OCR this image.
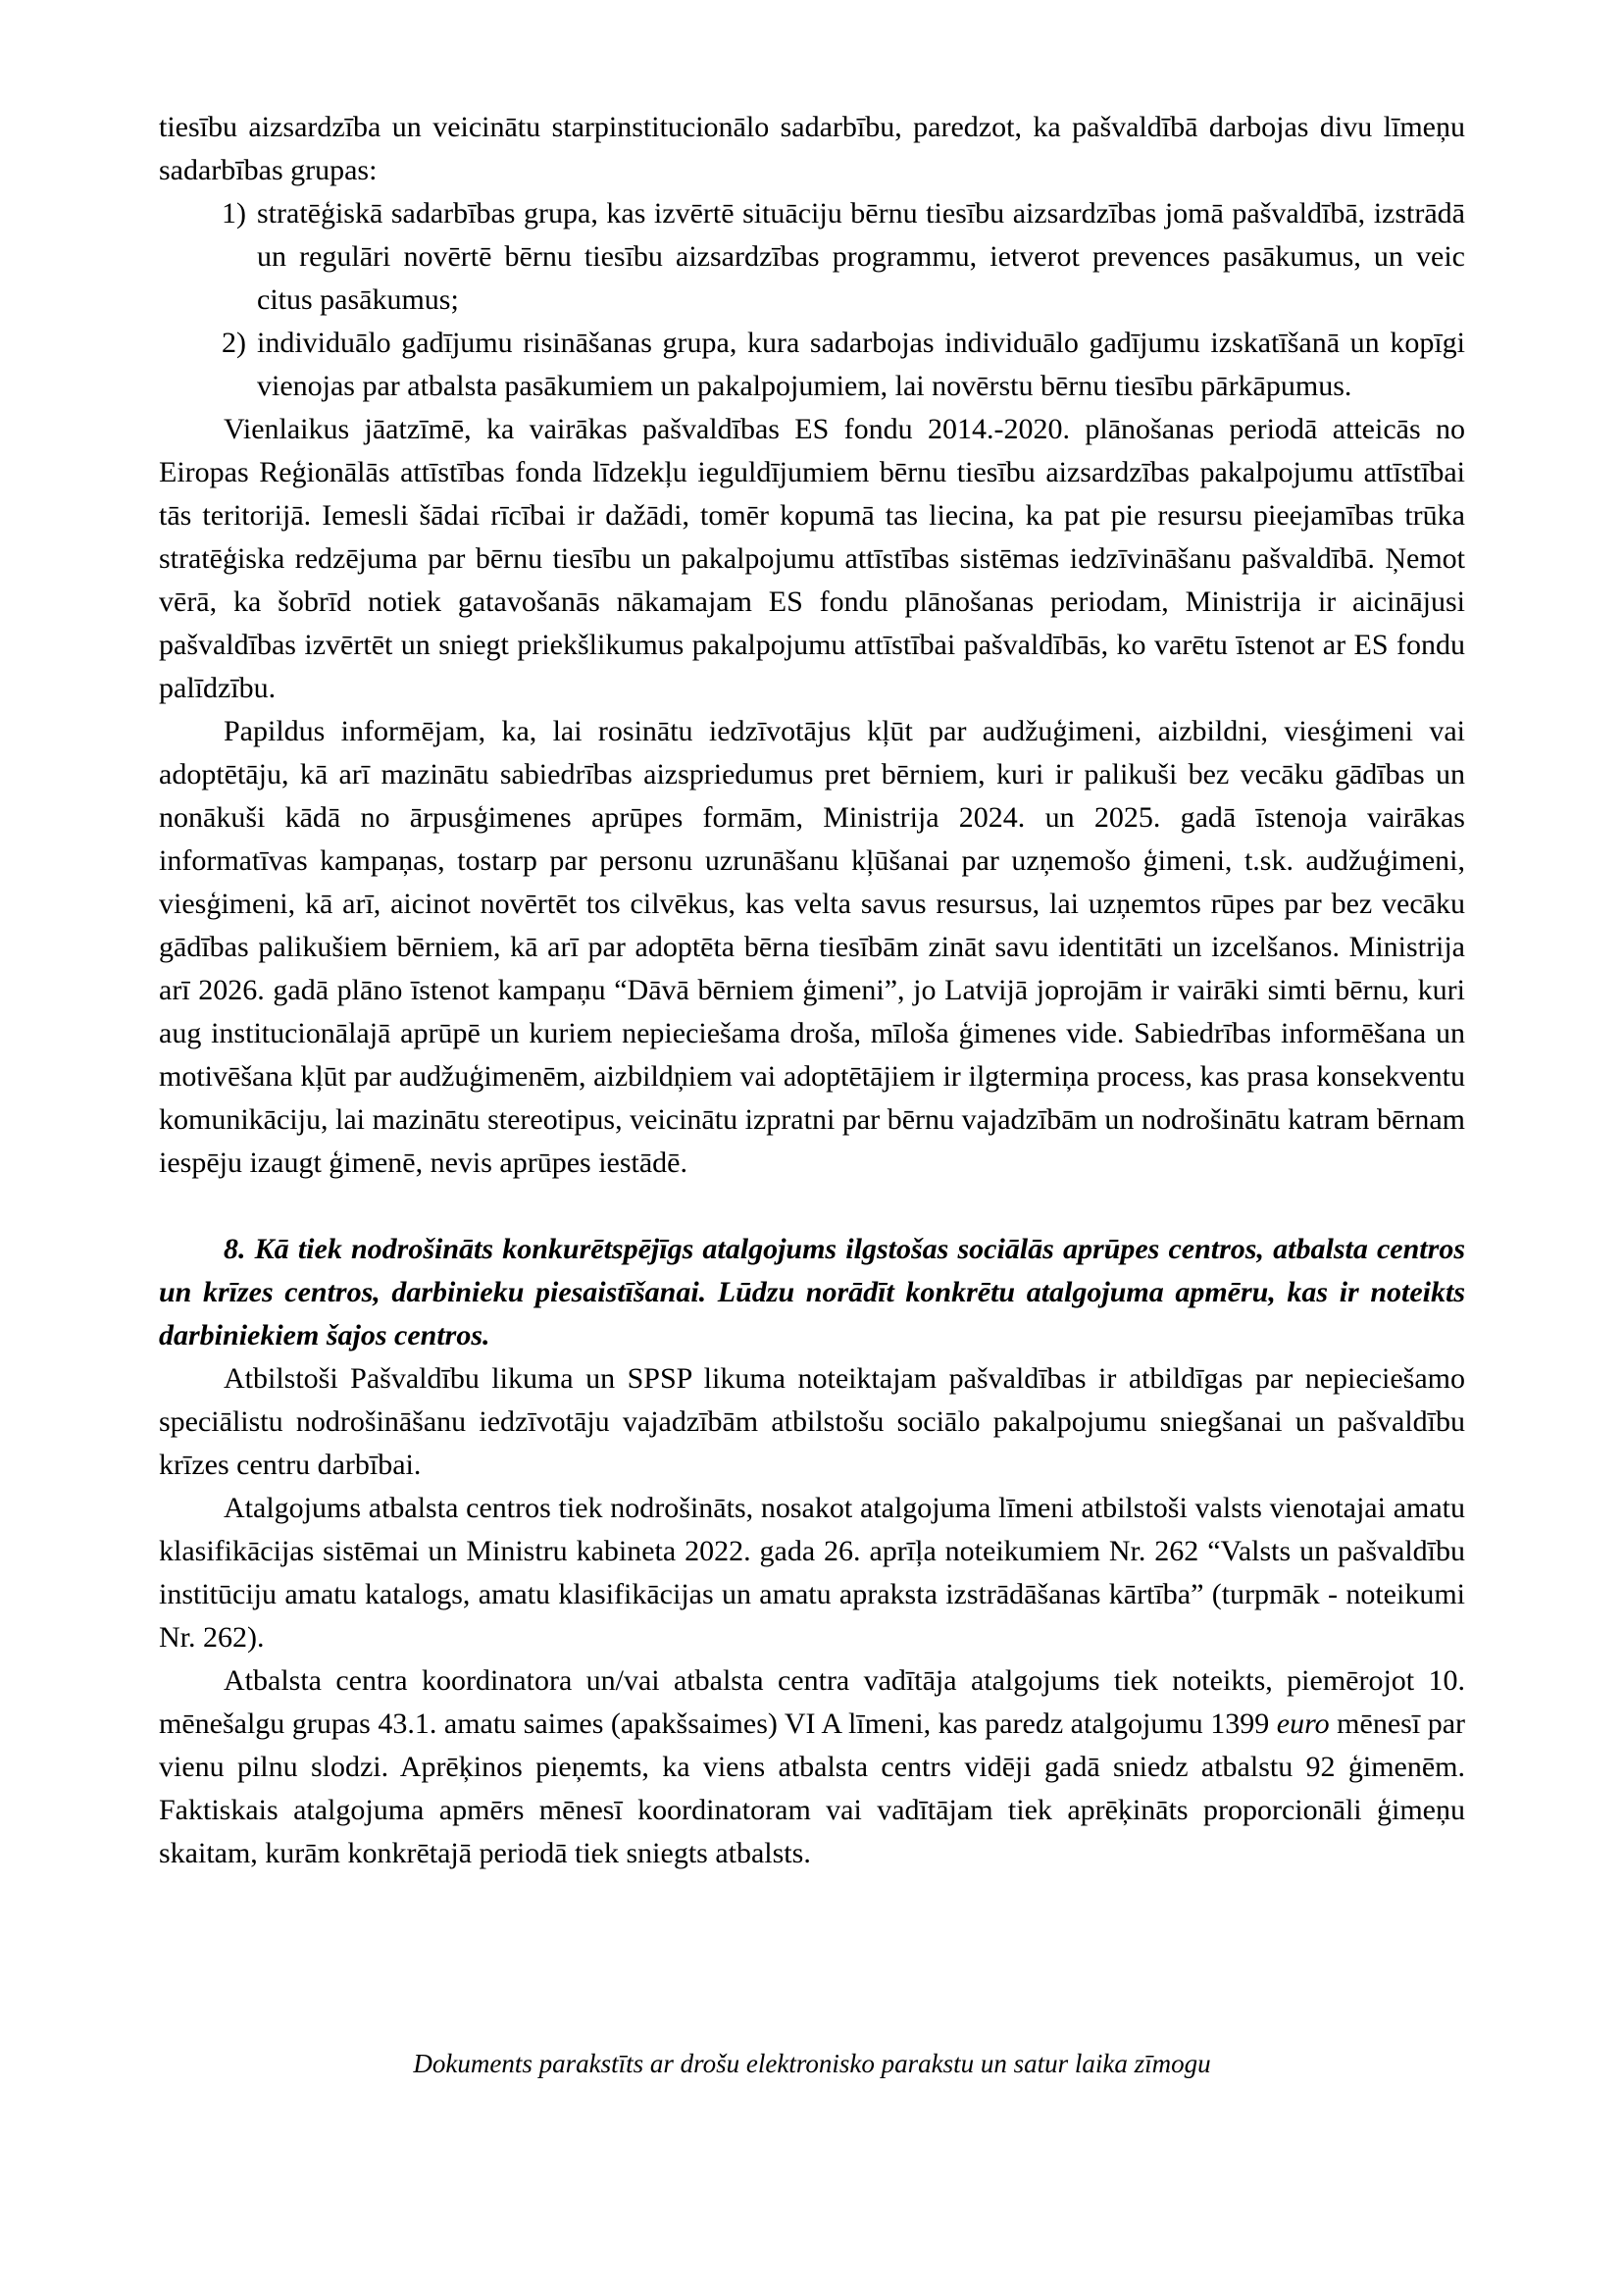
tiesību aizsardzība un veicinātu starpinstitucionālo sadarbību, paredzot, ka pašvaldībā darbojas divu līmeņu sadarbības grupas:

1) stratēģiskā sadarbības grupa, kas izvērtē situāciju bērnu tiesību aizsardzības jomā pašvaldībā, izstrādā un regulāri novērtē bērnu tiesību aizsardzības programmu, ietverot prevences pasākumus, un veic citus pasākumus;
2) individuālo gadījumu risināšanas grupa, kura sadarbojas individuālo gadījumu izskatīšanā un kopīgi vienojas par atbalsta pasākumiem un pakalpojumiem, lai novērstu bērnu tiesību pārkāpumus.

Vienlaikus jāatzīmē, ka vairākas pašvaldības ES fondu 2014.-2020. plānošanas periodā atteicās no Eiropas Reģionālās attīstības fonda līdzekļu ieguldījumiem bērnu tiesību aizsardzības pakalpojumu attīstībai tās teritorijā. Iemesli šādai rīcībai ir dažādi, tomēr kopumā tas liecina, ka pat pie resursu pieejamības trūka stratēģiska redzējuma par bērnu tiesību un pakalpojumu attīstības sistēmas iedzīvināšanu pašvaldībā. Ņemot vērā, ka šobrīd notiek gatavošanās nākamajam ES fondu plānošanas periodam, Ministrija ir aicinājusi pašvaldības izvērtēt un sniegt priekšlikumus pakalpojumu attīstībai pašvaldībās, ko varētu īstenot ar ES fondu palīdzību.

Papildus informējam, ka, lai rosinātu iedzīvotājus kļūt par audžuģimeni, aizbildni, viesģimeni vai adoptētāju, kā arī mazinātu sabiedrības aizspriedumus pret bērniem, kuri ir palikuši bez vecāku gādības un nonākuši kādā no ārpusģimenes aprūpes formām, Ministrija 2024. un 2025. gadā īstenoja vairākas informatīvas kampaņas, tostarp par personu uzrunāšanu kļūšanai par uzņemošo ģimeni, t.sk. audžuģimeni, viesģimeni, kā arī, aicinot novērtēt tos cilvēkus, kas velta savus resursus, lai uzņemtos rūpes par bez vecāku gādības palikušiem bērniem, kā arī par adoptēta bērna tiesībām zināt savu identitāti un izcelšanos. Ministrija arī 2026. gadā plāno īstenot kampaņu “Dāvā bērniem ģimeni”, jo Latvijā joprojām ir vairāki simti bērnu, kuri aug institucionālajā aprūpē un kuriem nepieciešama droša, mīloša ģimenes vide. Sabiedrības informēšana un motivēšana kļūt par audžuģimenēm, aizbildņiem vai adoptētājiem ir ilgtermiņa process, kas prasa konsekventu komunikāciju, lai mazinātu stereotipus, veicinātu izpratni par bērnu vajadzībām un nodrošinātu katram bērnam iespēju izaugt ģimenē, nevis aprūpes iestādē.

8. Kā tiek nodrošināts konkurētspējīgs atalgojums ilgstošas sociālās aprūpes centros, atbalsta centros un krīzes centros, darbinieku piesaistīšanai. Lūdzu norādīt konkrētu atalgojuma apmēru, kas ir noteikts darbiniekiem šajos centros.

Atbilstoši Pašvaldību likuma un SPSP likuma noteiktajam pašvaldības ir atbildīgas par nepieciešamo speciālistu nodrošināšanu iedzīvotāju vajadzībām atbilstošu sociālo pakalpojumu sniegšanai un pašvaldību krīzes centru darbībai.

Atalgojums atbalsta centros tiek nodrošināts, nosakot atalgojuma līmeni atbilstoši valsts vienotajai amatu klasifikācijas sistēmai un Ministru kabineta 2022. gada 26. aprīļa noteikumiem Nr. 262 “Valsts un pašvaldību institūciju amatu katalogs, amatu klasifikācijas un amatu apraksta izstrādāšanas kārtība” (turpmāk - noteikumi Nr. 262).

Atbalsta centra koordinatora un/vai atbalsta centra vadītāja atalgojums tiek noteikts, piemērojot 10. mēnešalgu grupas 43.1. amatu saimes (apakšsaimes) VI A līmeni, kas paredz atalgojumu 1399 euro mēnesī par vienu pilnu slodzi. Aprēķinos pieņemts, ka viens atbalsta centrs vidēji gadā sniedz atbalstu 92 ģimenēm. Faktiskais atalgojuma apmērs mēnesī koordinatoram vai vadītājam tiek aprēķināts proporcionāli ģimeņu skaitam, kurām konkrētajā periodā tiek sniegts atbalsts.

Dokuments parakstīts ar drošu elektronisko parakstu un satur laika zīmogu
